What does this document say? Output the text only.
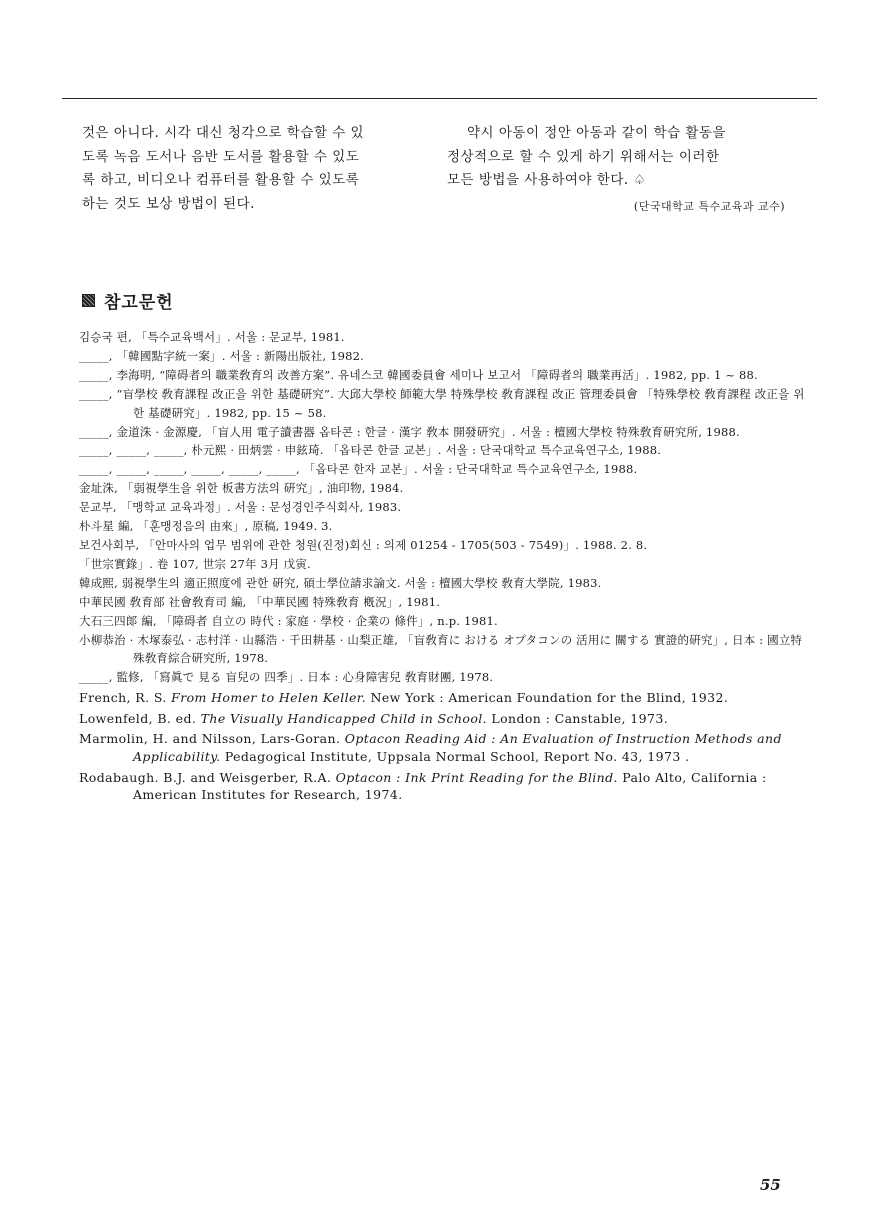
것은 아니다. 시각 대신 청각으로 학습할 수 있

도록 녹음 도서나 음반 도서를 활용할 수 있도

록 하고, 비디오나 컴퓨터를 활용할 수 있도록

하는 것도 보상 방법이 된다.

약시 아동이 정안 아동과 같이 학습 활동을

정상적으로 할 수 있게 하기 위해서는 이러한

모든 방법을 사용하여야 한다. ♤

(단국대학교 특수교육과 교수)
참고문헌

김승국 편, 「특수교육백서」. 서울 : 문교부, 1981.

_____, 「韓國點字統一案」. 서울 : 新陽出版社, 1982.

_____, 李海明, “障碍者의 職業敎育의 改善方案”. 유네스코 韓國委員會 세미나 보고서 「障碍者의 職業再活」. 1982, pp. 1 ~ 88.

_____, “盲學校 敎育課程 改正을 위한 基礎硏究”. 大邱大學校 師範大學 特殊學校 敎育課程 改正 管理委員會 「特殊學校 敎育課程 改正을 위한 基礎硏究」. 1982, pp. 15 ~ 58.

_____, 金道洙 · 金源慶, 「盲人用 電子讀書器 옵타콘 : 한글 · 漢字 敎本 開發硏究」. 서울 : 檀國大學校 特殊敎育硏究所, 1988.

_____, _____, _____, 朴元熙 · 田炳雲 · 申鉉琦. 「옵타콘 한글 교본」. 서울 : 단국대학교 특수교육연구소, 1988.

_____, _____, _____, _____, _____, _____, 「옵타콘 한자 교본」. 서울 : 단국대학교 특수교육연구소, 1988.

金址洙, 「弱視學生을 위한 板書方法의 硏究」, 油印物, 1984.

문교부, 「맹학교 교육과정」. 서울 : 문성경인주식회사, 1983.

朴斗星 編, 「훈맹정음의 由來」, 原稿, 1949. 3.

보건사회부, 「안마사의 업무 범위에 관한 청원(진정)회신 : 의제 01254 - 1705(503 - 7549)」. 1988. 2. 8.

「世宗實錄」. 卷 107, 世宗 27年 3月 戊寅.

韓成熙, 弱視學生의 適正照度에 관한 硏究, 碩士學位請求論文. 서울 : 檀國大學校 敎育大學院, 1983.

中華民國 敎育部 社會敎育司 編, 「中華民國 特殊敎育 槪況」, 1981.

大石三四郞 編, 「障碍者 自立の 時代 : 家庭 · 學校 · 企業の 條件」, n.p. 1981.

小柳恭治 · 木塚泰弘 · 志村洋 · 山縣浩 · 千田耕基 · 山梨正雄, 「盲敎育に おける オプタコンの 活用に 關する 實證的硏究」, 日本 : 國立特殊敎育綜合硏究所, 1978.

_____, 監修, 「寫眞で 見る 盲兒の 四季」. 日本 : 心身障害兒 敎育財團, 1978.

French, R. S. From Homer to Helen Keller. New York : American Foundation for the Blind, 1932.

Lowenfeld, B. ed. The Visually Handicapped Child in School. London : Canstable, 1973.

Marmolin, H. and Nilsson, Lars-Goran. Optacon Reading Aid : An Evaluation of Instruction Methods and Applicability. Pedagogical Institute, Uppsala Normal School, Report No. 43, 1973 .

Rodabaugh. B.J. and Weisgerber, R.A. Optacon : Ink Print Reading for the Blind. Palo Alto, California : American Institutes for Research, 1974.

55
